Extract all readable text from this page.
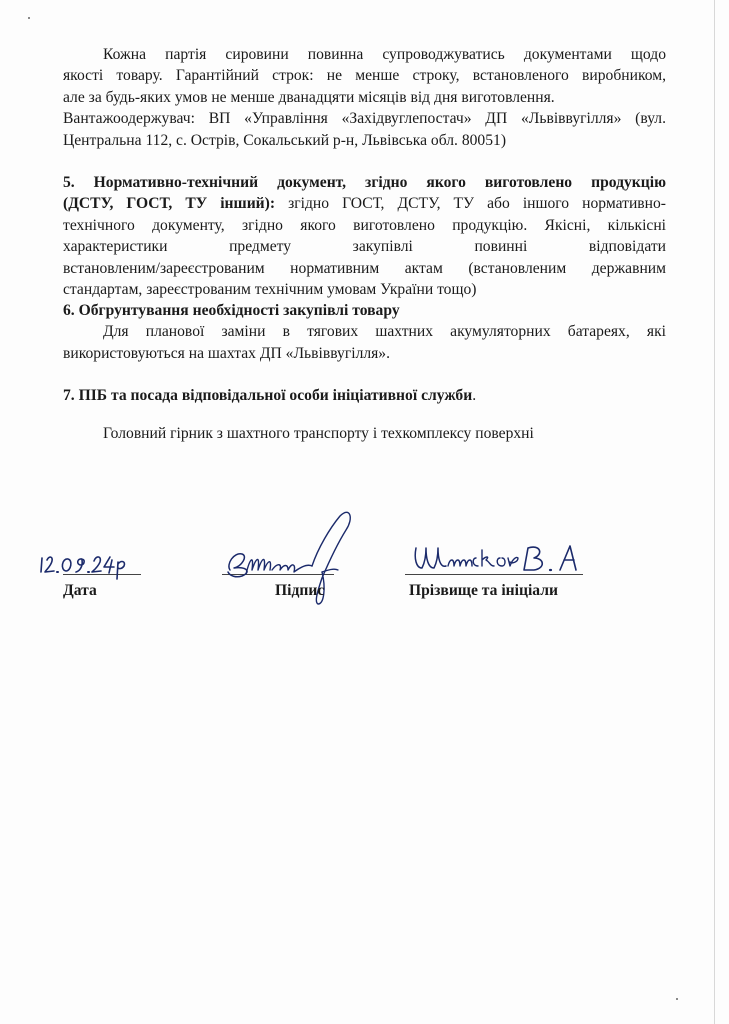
Кожна партія сировини повинна супроводжуватись документами щодо
якості товару. Гарантійний строк: не менше строку, встановленого виробником,
але за будь-яких умов не менше дванадцяти місяців від дня виготовлення.
Вантажоодержувач: ВП «Управління «Західвуглепостач» ДП «Львіввугілля» (вул.
Центральна 112, с. Острів, Сокальський р-н, Львівська обл. 80051)
5. Нормативно-технічний документ, згідно якого виготовлено продукцію
(ДСТУ, ГОСТ, ТУ інший): згідно ГОСТ, ДСТУ, ТУ або іншого нормативно-
технічного документу, згідно якого виготовлено продукцію. Якісні, кількісні
характеристики предмету закупівлі повинні відповідати
встановленим/зареєстрованим нормативним актам (встановленим державним
стандартам, зареєстрованим технічним умовам України тощо)
6. Обгрунтування необхідності закупівлі товару
Для планової заміни в тягових шахтних акумуляторних батареях, які
використовуються на шахтах ДП «Львіввугілля».
7. ПІБ та посада відповідальної особи ініціативної служби.
Головний гірник з шахтного транспорту і техкомплексу поверхні
Дата	Підпис	Прізвище та ініціали
